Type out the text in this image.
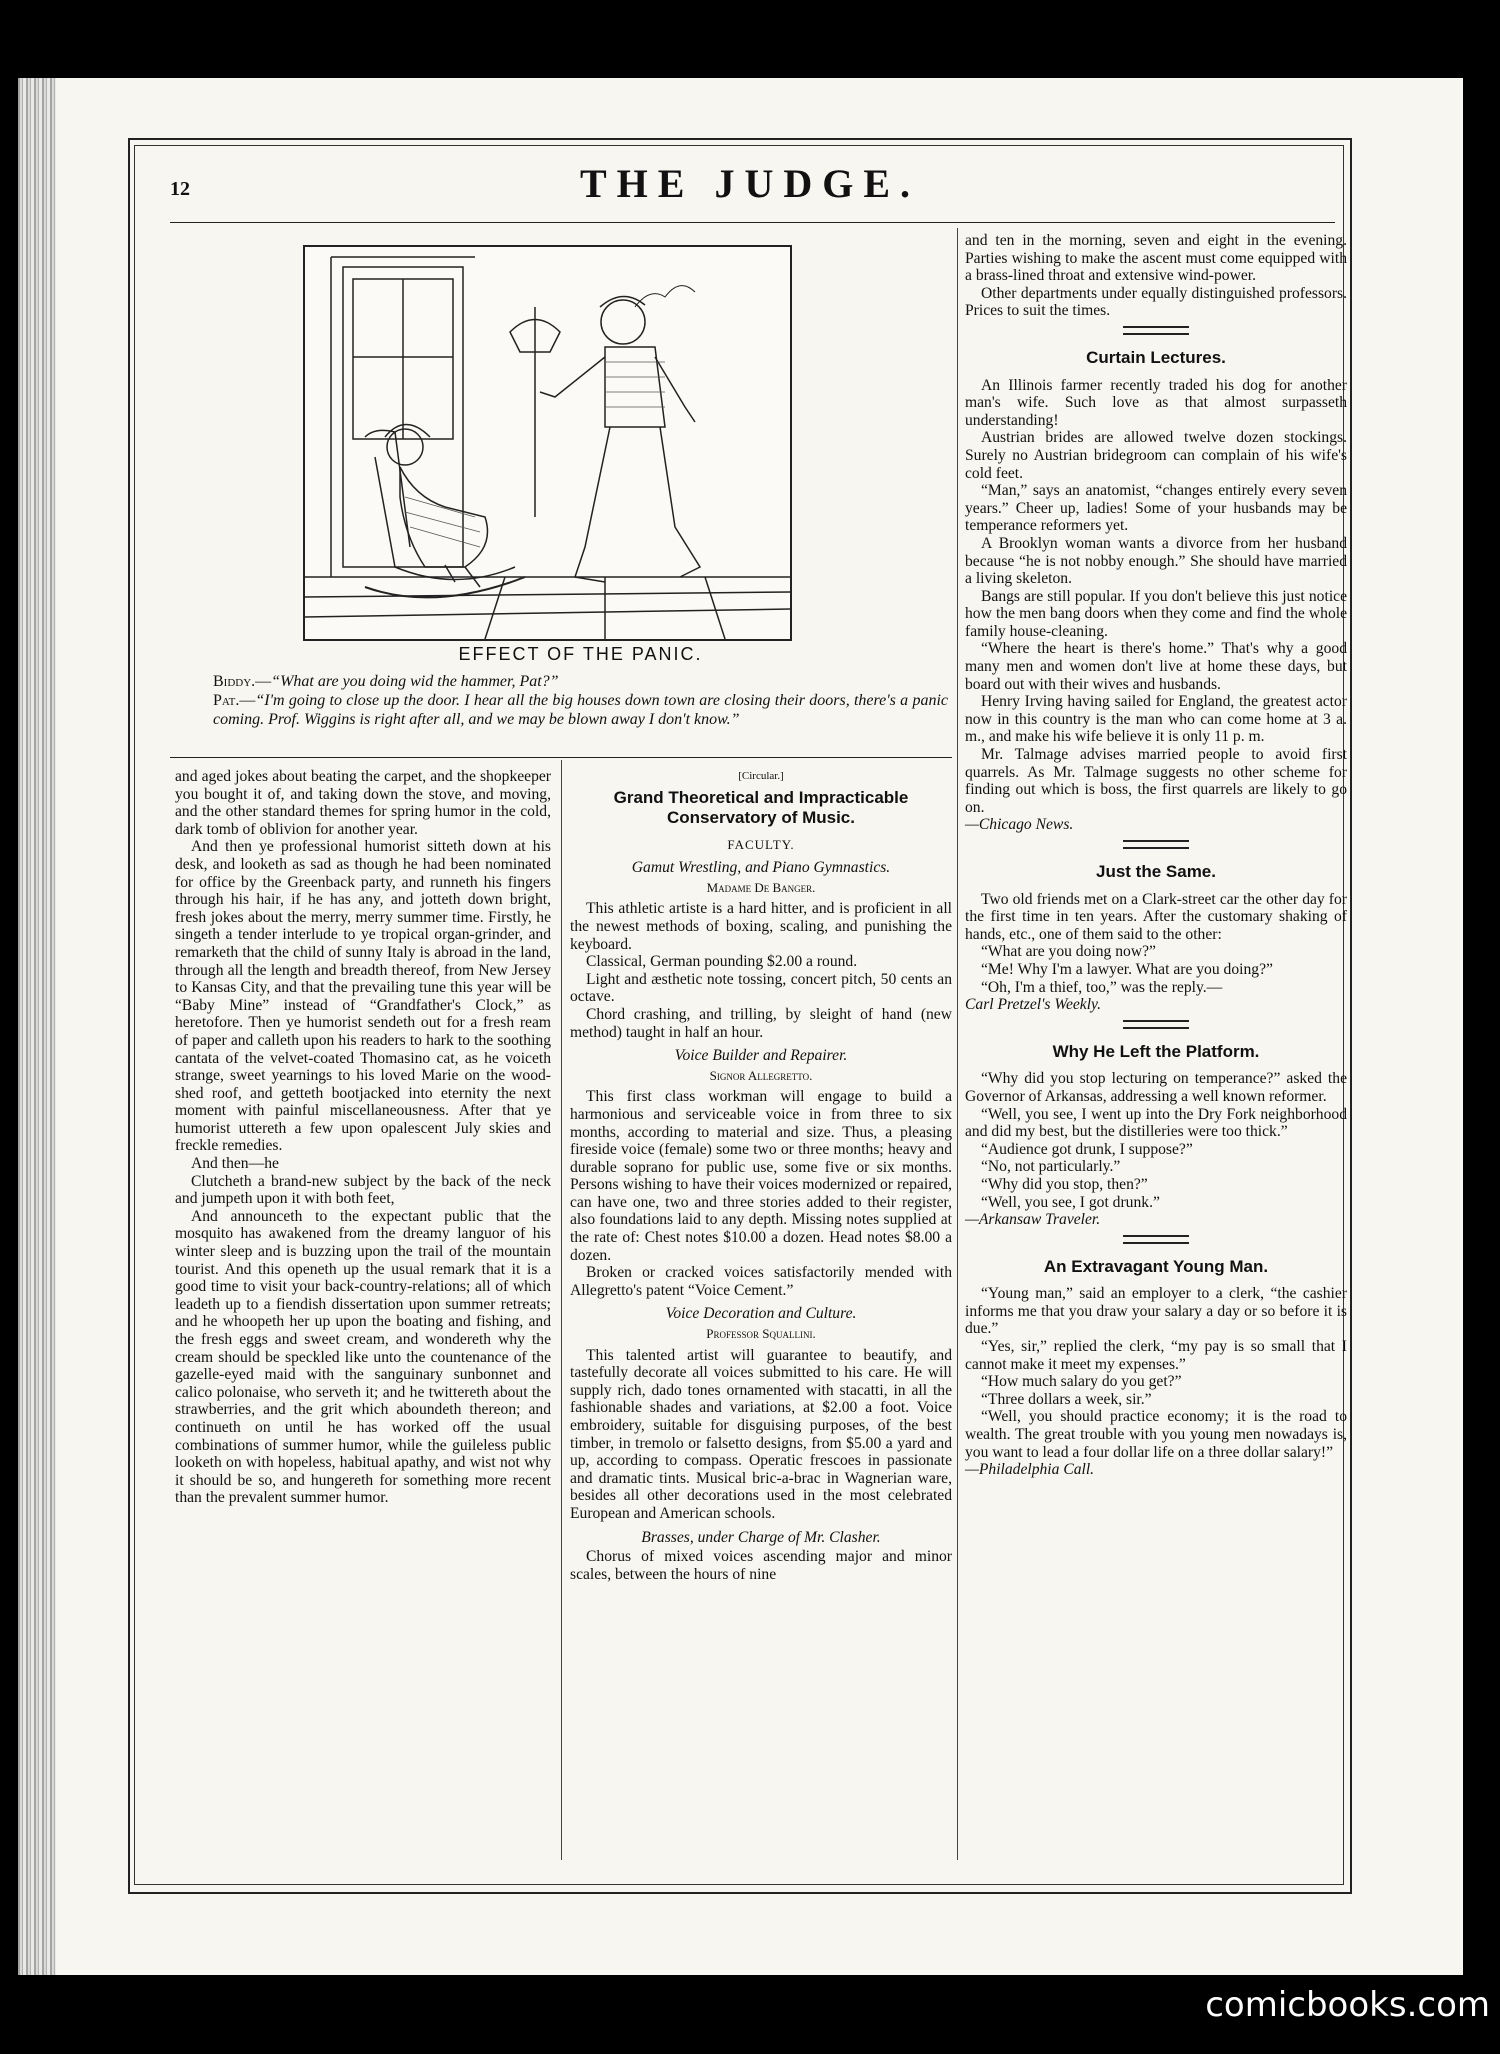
12	THE JUDGE.
EFFECT OF THE PANIC.
Biddy.—“What are you doing wid the hammer, Pat?”
Pat.—“I'm going to close up the door. I hear all the big houses down town are closing their doors, there's a panic coming. Prof. Wiggins is right after all, and we may be blown away I don't know.”

and aged jokes about beating the carpet, and the shopkeeper you bought it of, and taking down the stove, and moving, and the other standard themes for spring humor in the cold, dark tomb of oblivion for another year.

And then ye professional humorist sitteth down at his desk, and looketh as sad as though he had been nominated for office by the Greenback party, and runneth his fingers through his hair, if he has any, and jotteth down bright, fresh jokes about the merry, merry summer time. Firstly, he singeth a tender interlude to ye tropical organ-grinder, and remarketh that the child of sunny Italy is abroad in the land, through all the length and breadth thereof, from New Jersey to Kansas City, and that the prevailing tune this year will be “Baby Mine” instead of “Grandfather's Clock,” as heretofore. Then ye humorist sendeth out for a fresh ream of paper and calleth upon his readers to hark to the soothing cantata of the velvet-coated Thomasino cat, as he voiceth strange, sweet yearnings to his loved Marie on the wood-shed roof, and getteth bootjacked into eternity the next moment with painful miscellaneousness. After that ye humorist uttereth a few upon opalescent July skies and freckle remedies.

And then—he

Clutcheth a brand-new subject by the back of the neck and jumpeth upon it with both feet,

And announceth to the expectant public that the mosquito has awakened from the dreamy languor of his winter sleep and is buzzing upon the trail of the mountain tourist. And this openeth up the usual remark that it is a good time to visit your back-country-relations; all of which leadeth up to a fiendish dissertation upon summer retreats; and he whoopeth her up upon the boating and fishing, and the fresh eggs and sweet cream, and wondereth why the cream should be speckled like unto the countenance of the gazelle-eyed maid with the sanguinary sunbonnet and calico polonaise, who serveth it; and he twittereth about the strawberries, and the grit which aboundeth thereon; and continueth on until he has worked off the usual combinations of summer humor, while the guileless public looketh on with hopeless, habitual apathy, and wist not why it should be so, and hungereth for something more recent than the prevalent summer humor.

[Circular.]

Grand Theoretical and Impracticable
Conservatory of Music.

FACULTY.

Gamut Wrestling, and Piano Gymnastics.

Madame De Banger.

This athletic artiste is a hard hitter, and is proficient in all the newest methods of boxing, scaling, and punishing the keyboard.

Classical, German pounding $2.00 a round.

Light and æsthetic note tossing, concert pitch, 50 cents an octave.

Chord crashing, and trilling, by sleight of hand (new method) taught in half an hour.

Voice Builder and Repairer.

Signor Allegretto.

This first class workman will engage to build a harmonious and serviceable voice in from three to six months, according to material and size. Thus, a pleasing fireside voice (female) some two or three months; heavy and durable soprano for public use, some five or six months. Persons wishing to have their voices modernized or repaired, can have one, two and three stories added to their register, also foundations laid to any depth. Missing notes supplied at the rate of: Chest notes $10.00 a dozen. Head notes $8.00 a dozen.

Broken or cracked voices satisfactorily mended with Allegretto's patent “Voice Cement.”

Voice Decoration and Culture.

Professor Squallini.

This talented artist will guarantee to beautify, and tastefully decorate all voices submitted to his care. He will supply rich, dado tones ornamented with stacatti, in all the fashionable shades and variations, at $2.00 a foot. Voice embroidery, suitable for disguising purposes, of the best timber, in tremolo or falsetto designs, from $5.00 a yard and up, according to compass. Operatic frescoes in passionate and dramatic tints. Musical bric-a-brac in Wagnerian ware, besides all other decorations used in the most celebrated European and American schools.

Brasses, under Charge of Mr. Clasher.

Chorus of mixed voices ascending major and minor scales, between the hours of nine

and ten in the morning, seven and eight in the evening. Parties wishing to make the ascent must come equipped with a brass-lined throat and extensive wind-power.

Other departments under equally distinguished professors. Prices to suit the times.

Curtain Lectures.

An Illinois farmer recently traded his dog for another man's wife. Such love as that almost surpasseth understanding!

Austrian brides are allowed twelve dozen stockings. Surely no Austrian bridegroom can complain of his wife's cold feet.

“Man,” says an anatomist, “changes entirely every seven years.” Cheer up, ladies! Some of your husbands may be temperance reformers yet.

A Brooklyn woman wants a divorce from her husband because “he is not nobby enough.” She should have married a living skeleton.

Bangs are still popular. If you don't believe this just notice how the men bang doors when they come and find the whole family house-cleaning.

“Where the heart is there's home.” That's why a good many men and women don't live at home these days, but board out with their wives and husbands.

Henry Irving having sailed for England, the greatest actor now in this country is the man who can come home at 3 a. m., and make his wife believe it is only 11 p. m.

Mr. Talmage advises married people to avoid first quarrels. As Mr. Talmage suggests no other scheme for finding out which is boss, the first quarrels are likely to go on.

—Chicago News.

Just the Same.

Two old friends met on a Clark-street car the other day for the first time in ten years. After the customary shaking of hands, etc., one of them said to the other:

“What are you doing now?”

“Me! Why I'm a lawyer. What are you doing?”

“Oh, I'm a thief, too,” was the reply.—

Carl Pretzel's Weekly.

Why He Left the Platform.

“Why did you stop lecturing on temperance?” asked the Governor of Arkansas, addressing a well known reformer.

“Well, you see, I went up into the Dry Fork neighborhood and did my best, but the distilleries were too thick.”

“Audience got drunk, I suppose?”

“No, not particularly.”

“Why did you stop, then?”

“Well, you see, I got drunk.”

—Arkansaw Traveler.

An Extravagant Young Man.

“Young man,” said an employer to a clerk, “the cashier informs me that you draw your salary a day or so before it is due.”

“Yes, sir,” replied the clerk, “my pay is so small that I cannot make it meet my expenses.”

“How much salary do you get?”

“Three dollars a week, sir.”

“Well, you should practice economy; it is the road to wealth. The great trouble with you young men nowadays is, you want to lead a four dollar life on a three dollar salary!”

—Philadelphia Call.

comicbooks.com
